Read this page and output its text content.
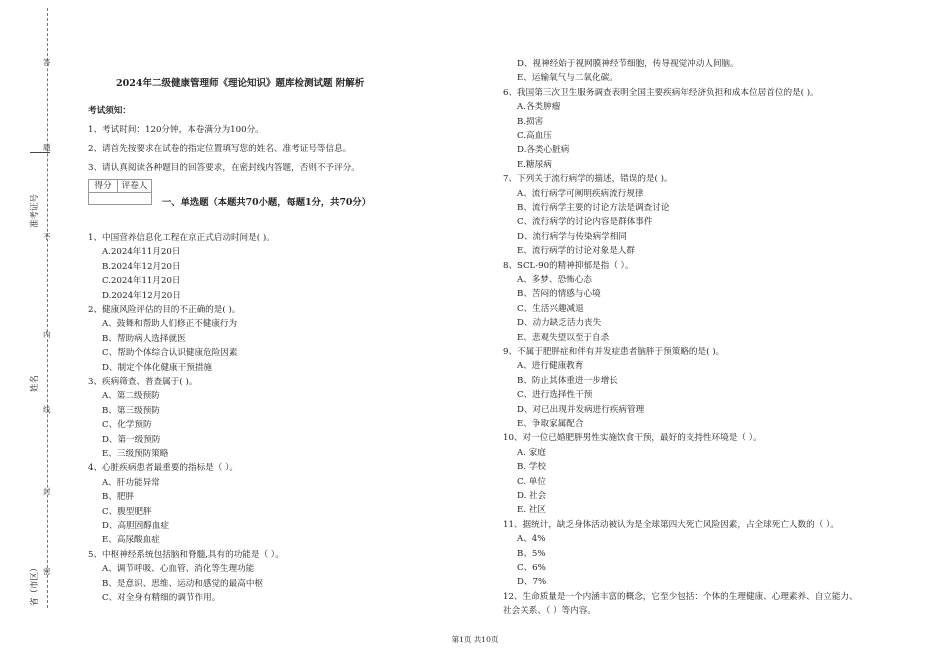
答
题
不
内
线
封
密
准考证号
姓名
省（市区）
2024年二级健康管理师《理论知识》题库检测试题 附解析
考试须知：
1、考试时间：120分钟，本卷满分为100分。
2、请首先按要求在试卷的指定位置填写您的姓名、准考证号等信息。
3、请认真阅读各种题目的回答要求，在密封线内答题，否则不予评分。
得分	评卷人
一、单选题（本题共70小题，每题1分，共70分）
1、中国营养信息化工程在京正式启动时间是( )。
A.2024年11月20日
B.2024年12月20日
C.2024年11月20日
D.2024年12月20日
2、健康风险评估的目的不正确的是( )。
A、鼓舞和帮助人们修正不健康行为
B、帮助病人选择就医
C、帮助个体综合认识健康危险因素
D、制定个体化健康干预措施
3、疾病筛查、普查属于( )。
A、第二级预防
B、第三级预防
C、化学预防
D、第一级预防
E、三级预防策略
4、心脏疾病患者最重要的指标是（ ）。
A、肝功能异常
B、肥胖
C、腹型肥胖
D、高胆固醇血症
E、高尿酸血症
5、中枢神经系统包括脑和脊髓,具有的功能是（ ）。
A、调节呼吸、心血管、消化等生理功能
B、是意识、思维、运动和感觉的最高中枢
C、对全身有精细的调节作用。
D、视神经始于视网膜神经节细胞，传导视觉冲动人间脑。
E、运输氧气与二氧化碳。
6、我国第三次卫生服务调查表明全国主要疾病年经济负担和成本位居首位的是( )。
A.各类肿瘤
B.损害
C.高血压
D.各类心脏病
E.糖尿病
7、下列关于流行病学的描述，错误的是( )。
A、流行病学可阐明疾病流行规律
B、流行病学主要的讨论方法是调查讨论
C、流行病学的讨论内容是群体事件
D、流行病学与传染病学相同
E、流行病学的讨论对象是人群
8、SCL-90的精神抑郁是指（ ）。
A、多梦、恐怖心态
B、苦闷的情感与心境
C、生活兴趣减退
D、动力缺乏活力丧失
E、悲观失望以至于自杀
9、不属于肥胖症和伴有并发症患者脑胖于预策略的是( )。
A、进行健康教育
B、防止其体重进一步增长
C、进行选择性干预
D、对已出现并发病进行疾病管理
E、争取家属配合
10、对一位已婚肥胖男性实施饮食干预，最好的支持性环境是（ ）。
A. 家庭
B. 学校
C. 单位
D. 社会
E. 社区
11、据统计，缺乏身体活动被认为是全球第四大死亡风险因素，占全球死亡人数的（ ）。
A、4%
B、5%
C、6%
D、7%
12、生命质量是一个内涵丰富的概念，它至少包括：个体的生理健康、心理素养、自立能力、
社会关系、（ ）等内容。
第1页 共10页
